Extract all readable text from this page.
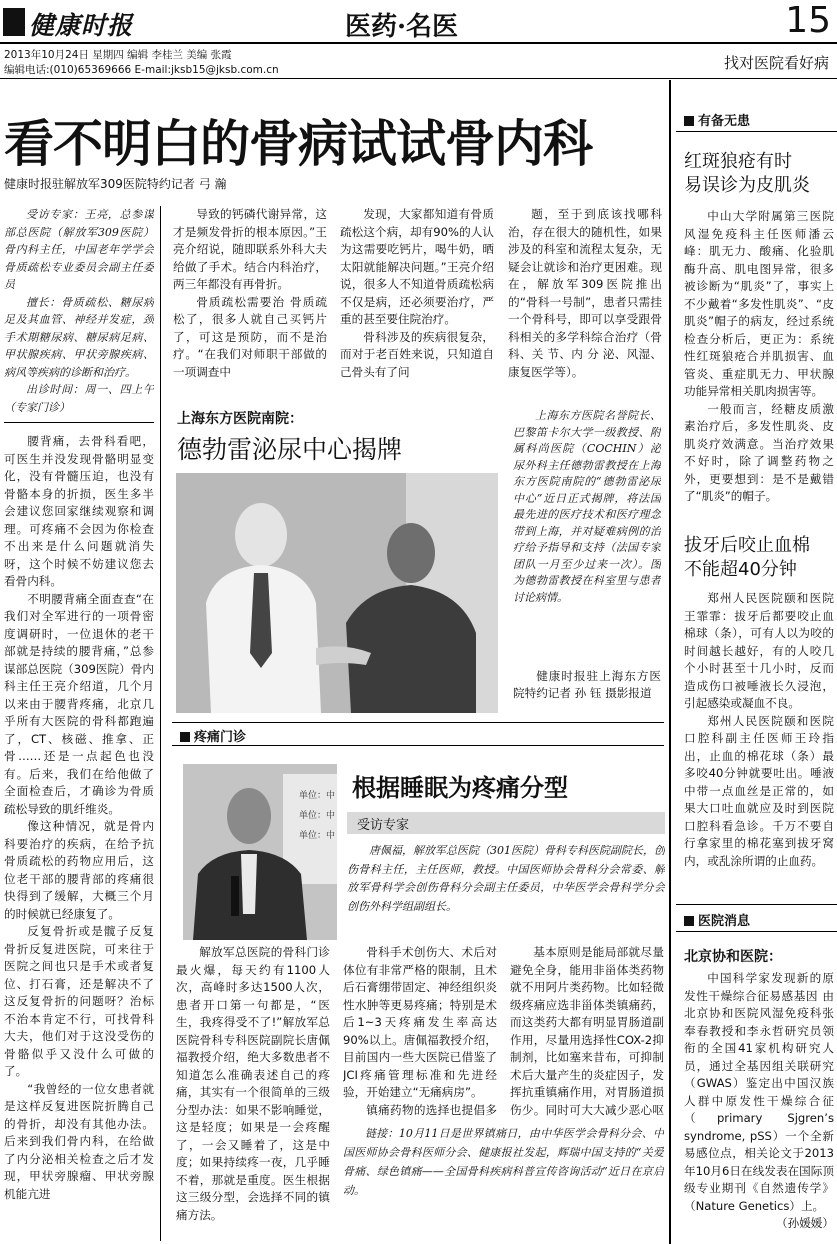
健康时报	医药·名医	15
2013年10月24日 星期四 编辑 李桂兰 美编 张霞
编辑电话:(010)65369666 E-mail:jksb15@jksb.com.cn	找对医院看好病
看不明白的骨病试试骨内科
健康时报驻解放军309医院特约记者 弓 瀚

受访专家：王亮，总参谋部总医院（解放军309医院）骨内科主任，中国老年学学会骨质疏松专业委员会副主任委员

擅长：骨质疏松、糖尿病足及其血管、神经并发症，颈手术期糖尿病、糖尿病足病、甲状腺疾病、甲状旁腺疾病、病风等疾病的诊断和治疗。

出诊时间：周一、四上午（专家门诊）

腰背痛，去骨科看吧，可医生并没发现骨骼明显变化，没有骨髓压迫，也没有骨骼本身的折损，医生多半会建议您回家继续观察和调理。可疼痛不会因为你检查不出来是什么问题就消失呀，这个时候不妨建议您去看骨内科。

不明腰背痛全面查查“在我们对全军进行的一项骨密度调研时，一位退休的老干部就是持续的腰背痛，”总参谋部总医院（309医院）骨内科主任王亮介绍道，几个月以来由于腰背疼痛，北京几乎所有大医院的骨科都跑遍了，CT、核磁、推拿、正骨……还是一点起色也没有。后来，我们在给他做了全面检查后，才确诊为骨质疏松导致的肌纤维炎。

像这种情况，就是骨内科要治疗的疾病，在给予抗骨质疏松的药物应用后，这位老干部的腰背部的疼痛很快得到了缓解，大概三个月的时候就已经康复了。

反复骨折或是髋子反复骨折反复进医院，可来往于医院之间也只是手术或者复位、打石膏，还是解决不了这反复骨折的问题呀？治标不治本肯定不行，可找骨科大夫，他们对于这没受伤的骨骼似乎又没什么可做的了。

“我曾经的一位女患者就是这样反复进医院折腾自己的骨折，却没有其他办法。后来到我们骨内科，在给做了内分泌相关检查之后才发现，甲状旁腺瘤、甲状旁腺机能亢进

导致的钙磷代谢异常，这才是频发骨折的根本原因。”王亮介绍说，随即联系外科大夫给做了手术。结合内科治疗，两三年都没有再骨折。

骨质疏松需要治 骨质疏松了，很多人就自己买钙片了，可这是预防，而不是治疗。“在我们对师职干部做的一项调查中

发现，大家都知道有骨质疏松这个病，却有90%的人认为这需要吃钙片，喝牛奶，晒太阳就能解决问题。”王亮介绍说，很多人不知道骨质疏松病不仅是病，还必须要治疗，严重的甚至要住院治疗。

骨科涉及的疾病很复杂，而对于老百姓来说，只知道自己骨头有了问

题，至于到底该找哪科治，存在很大的随机性，如果涉及的科室和流程太复杂，无疑会让就诊和治疗更困难。现在，解放军309医院推出的“骨科一号制”，患者只需挂一个骨科号，即可以享受跟骨科相关的多学科综合治疗（骨 科、关 节、内 分 泌、风湿、康复医学等）。

上海东方医院南院：
德勃雷泌尿中心揭牌

上海东方医院名誉院长、巴黎笛卡尔大学一级教授、附属科尚医院（COCHIN）泌尿外科主任德勃雷教授在上海东方医院南院的“德勃雷泌尿中心”近日正式揭牌，将法国最先进的医疗技术和医疗理念带到上海，并对疑难病例的治疗给予指导和支持（法国专家团队一月至少过来一次）。图为德勃雷教授在科室里与患者讨论病情。

健康时报驻上海东方医院特约记者 孙 钰 摄影报道

疼痛门诊
单位：中
单位：中
单位：中
根据睡眠为疼痛分型
受访专家

唐佩福，解放军总医院（301医院）骨科专科医院副院长，创伤骨科主任，主任医师，教授。中国医师协会骨科分会常委、解放军骨科学会创伤骨科分会副主任委员，中华医学会骨科学分会创伤外科学组副组长。

解放军总医院的骨科门诊最火爆，每天约有1100人次，高峰时多达1500人次，患者开口第一句都是，“医生，我疼得受不了!”解放军总医院骨科专科医院副院长唐佩福教授介绍，绝大多数患者不知道怎么准确表述自己的疼痛，其实有一个很简单的三级分型办法：如果不影响睡觉，这是轻度；如果是一会疼醒了，一会又睡着了，这是中度；如果持续疼一夜，几乎睡不着，那就是重度。医生根据这三级分型，会选择不同的镇痛方法。

骨科手术创伤大、术后对体位有非常严格的限制，且术后石膏绷带固定、神经组织炎性水肿等更易疼痛；特别是术后1~3天疼痛发生率高达90%以上。唐佩福教授介绍，目前国内一些大医院已借鉴了JCI疼痛管理标准和先进经验，开始建立“无痛病房”。

镇痛药物的选择也提倡多

基本原则是能局部就尽量避免全身，能用非甾体类药物就不用阿片类药物。比如轻微级疼痛应选非甾体类镇痛药，而这类药大都有明显胃肠道副作用，尽量用选择性COX-2抑制剂，比如塞来昔布，可抑制术后大量产生的炎症因子，发挥抗重镇痛作用，对胃肠道损伤少。同时可大大减少恶心呕

链接：10月11日是世界镇痛日，由中华医学会骨科分会、中国医师协会骨科医师分会、健康报社发起，辉瑞中国支持的“关爱骨痛、绿色镇痛——全国骨科疾病科普宣传咨询活动”近日在京启动。

有备无患
红斑狼疮有时
易误诊为皮肌炎

中山大学附属第三医院风湿免疫科主任医师潘云峰：肌无力、酸痛、化验肌酶升高、肌电图异常，很多被诊断为“肌炎”了，事实上不少戴着“多发性肌炎”、“皮肌炎”帽子的病友，经过系统检查分析后，更正为：系统性红斑狼疮合并肌损害、血管炎、重症肌无力、甲状腺功能异常相关肌肉损害等。

一般而言，经糖皮质激素治疗后，多发性肌炎、皮肌炎疗效满意。当治疗效果不好时，除了调整药物之外，更要想到：是不是戴错了“肌炎”的帽子。

拔牙后咬止血棉
不能超40分钟

郑州人民医院颐和医院王霏霏：拔牙后都要咬止血棉球（条），可有人以为咬的时间越长越好，有的人咬几个小时甚至十几小时，反而造成伤口被唾液长久浸泡，引起感染或凝血不良。

郑州人民医院颐和医院口腔科副主任医师王玲指出，止血的棉花球（条）最多咬40分钟就要吐出。唾液中带一点血丝是正常的，如果大口吐血就应及时到医院口腔科看急诊。千万不要自行拿家里的棉花塞到拔牙窝内，或乱涂所谓的止血药。

医院消息
北京协和医院：

中国科学家发现新的原发性干燥综合征易感基因 由北京协和医院风湿免疫科张奉春教授和李永哲研究员领衔的全国41家机构研究人员，通过全基因组关联研究（GWAS）鉴定出中国汉族人群中原发性干燥综合征（primary Sjgren’s syndrome, pSS）一个全新易感位点，相关论文于2013年10月6日在线发表在国际顶级专业期刊《自然遗传学》（Nature Genetics）上。

（孙媛媛）
